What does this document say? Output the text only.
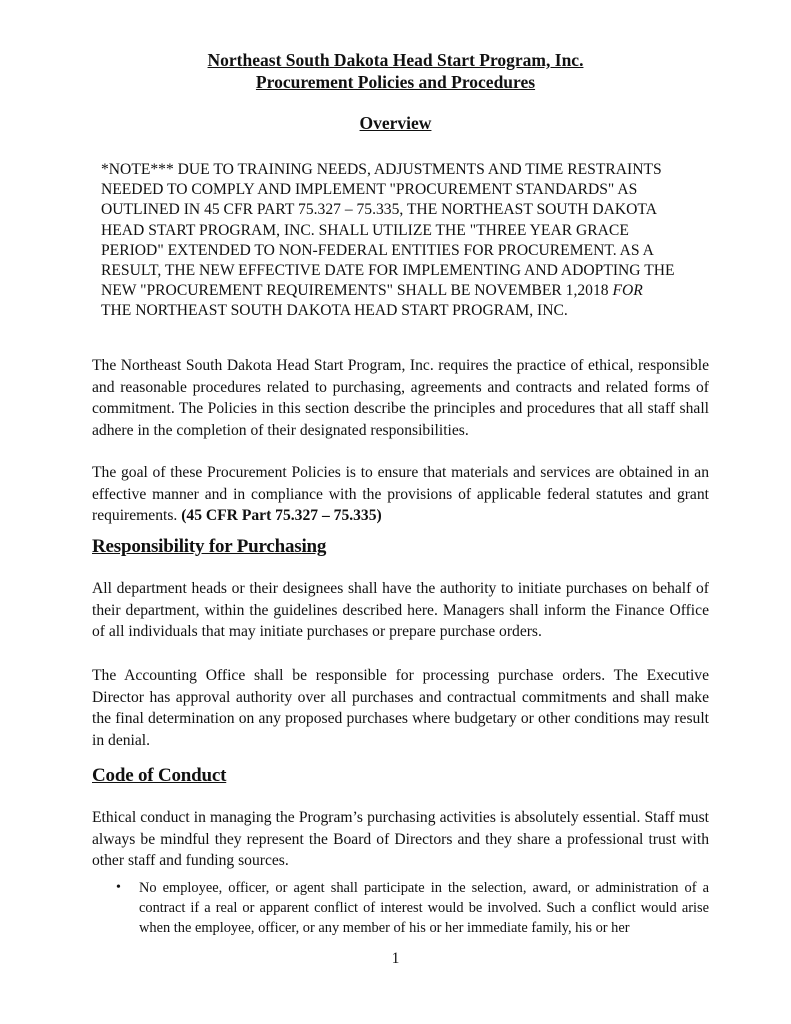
Northeast South Dakota Head Start Program, Inc.
Procurement Policies and Procedures
Overview

*NOTE*** DUE TO TRAINING NEEDS, ADJUSTMENTS AND TIME RESTRAINTS

NEEDED TO COMPLY AND IMPLEMENT "PROCUREMENT STANDARDS" AS

OUTLINED IN 45 CFR PART 75.327 – 75.335, THE NORTHEAST SOUTH DAKOTA

HEAD START PROGRAM, INC. SHALL UTILIZE THE "THREE YEAR GRACE

PERIOD" EXTENDED TO NON-FEDERAL ENTITIES FOR PROCUREMENT. AS A

RESULT, THE NEW EFFECTIVE DATE FOR IMPLEMENTING AND ADOPTING THE

NEW "PROCUREMENT REQUIREMENTS" SHALL BE NOVEMBER 1,2018 FOR

THE NORTHEAST SOUTH DAKOTA HEAD START PROGRAM, INC.

The Northeast South Dakota Head Start Program, Inc. requires the practice of ethical, responsible and reasonable procedures related to purchasing, agreements and contracts and related forms of commitment. The Policies in this section describe the principles and procedures that all staff shall adhere in the completion of their designated responsibilities.

The goal of these Procurement Policies is to ensure that materials and services are obtained in an effective manner and in compliance with the provisions of applicable federal statutes and grant requirements. (45 CFR Part 75.327 – 75.335)

Responsibility for Purchasing

All department heads or their designees shall have the authority to initiate purchases on behalf of their department, within the guidelines described here. Managers shall inform the Finance Office of all individuals that may initiate purchases or prepare purchase orders.

The Accounting Office shall be responsible for processing purchase orders. The Executive Director has approval authority over all purchases and contractual commitments and shall make the final determination on any proposed purchases where budgetary or other conditions may result in denial.

Code of Conduct

Ethical conduct in managing the Program’s purchasing activities is absolutely essential. Staff must always be mindful they represent the Board of Directors and they share a professional trust with other staff and funding sources.

• No employee, officer, or agent shall participate in the selection, award, or administration of a contract if a real or apparent conflict of interest would be involved. Such a conflict would arise when the employee, officer, or any member of his or her immediate family, his or her
1
